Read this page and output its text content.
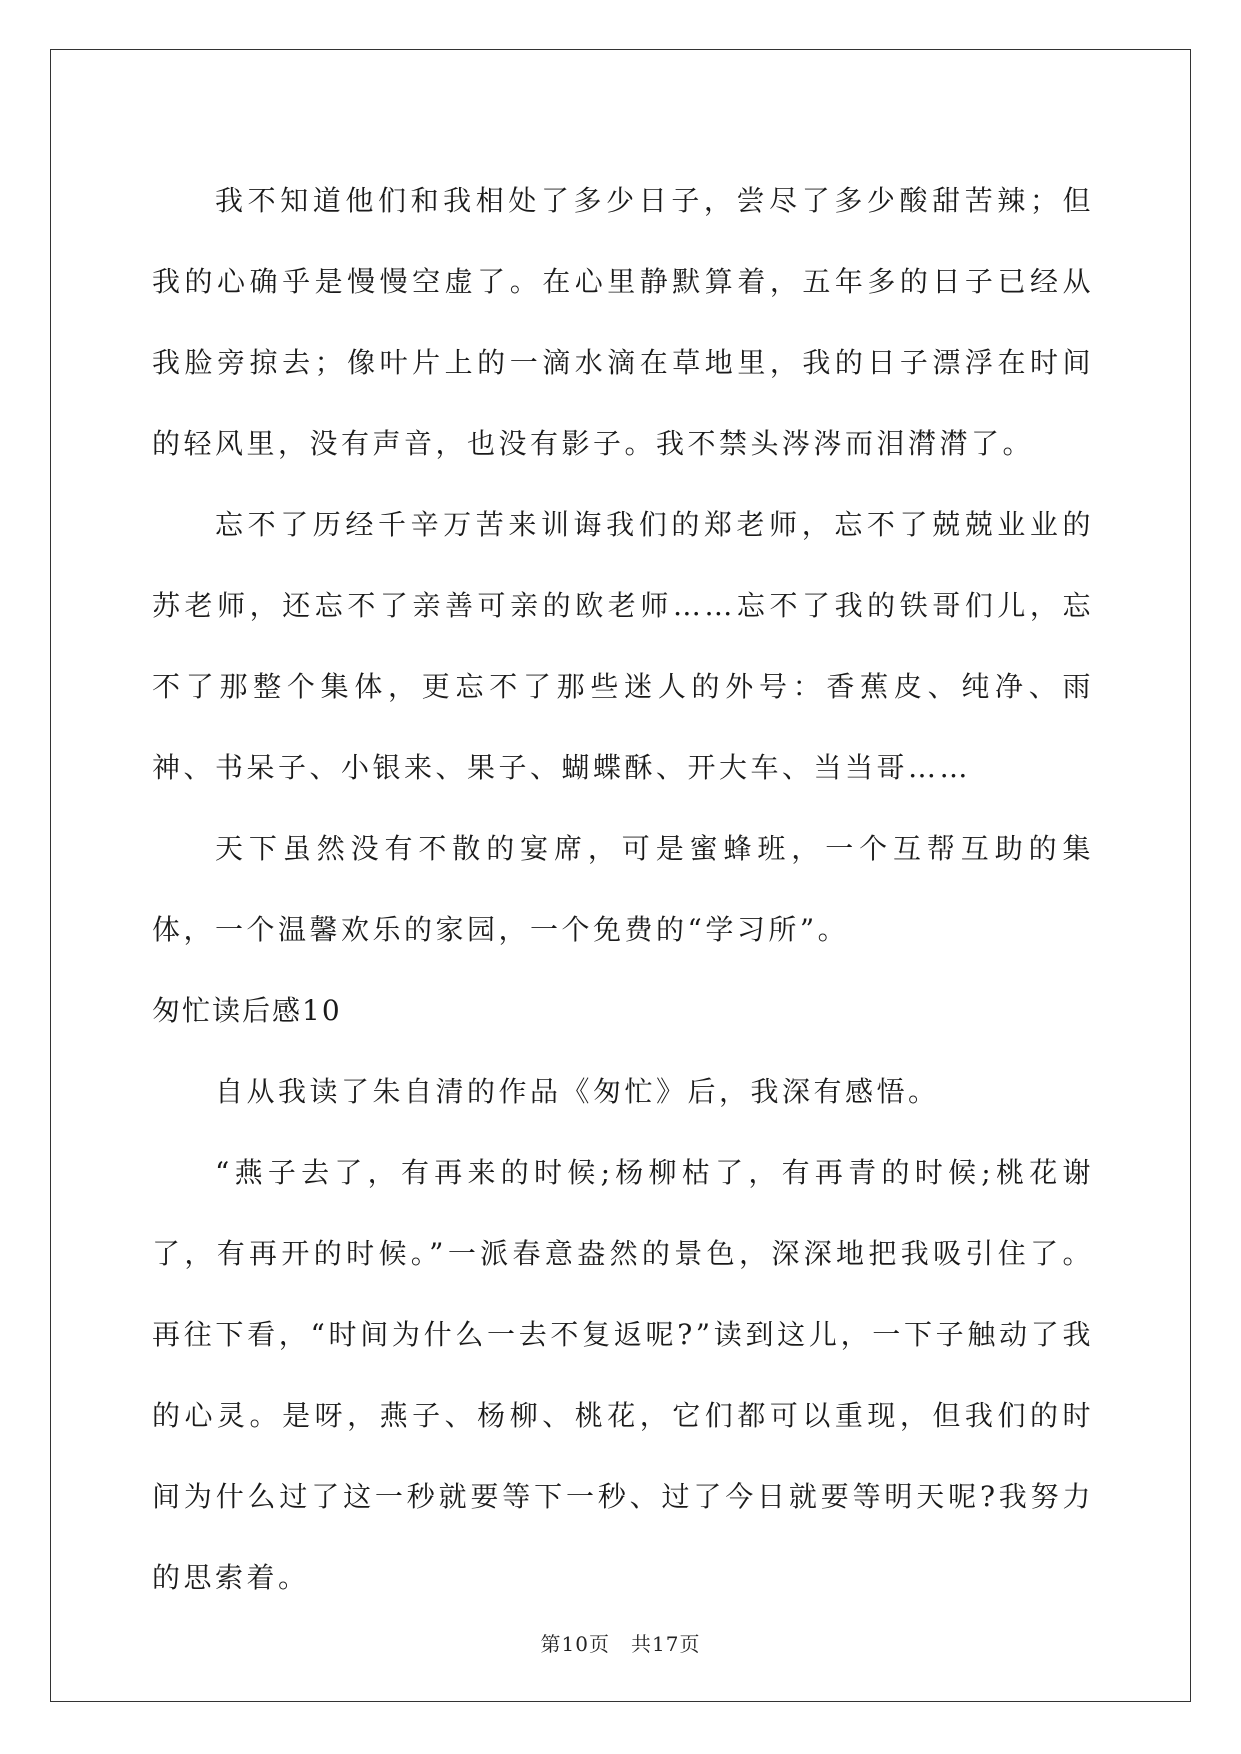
我不知道他们和我相处了多少日子，尝尽了多少酸甜苦辣；但我的心确乎是慢慢空虚了。在心里静默算着，五年多的日子已经从我脸旁掠去；像叶片上的一滴水滴在草地里，我的日子漂浮在时间的轻风里，没有声音，也没有影子。我不禁头涔涔而泪潸潸了。

忘不了历经千辛万苦来训诲我们的郑老师，忘不了兢兢业业的苏老师，还忘不了亲善可亲的欧老师……忘不了我的铁哥们儿，忘不了那整个集体，更忘不了那些迷人的外号：香蕉皮、纯净、雨神、书呆子、小银来、果子、蝴蝶酥、开大车、当当哥……

天下虽然没有不散的宴席，可是蜜蜂班，一个互帮互助的集体，一个温馨欢乐的家园，一个免费的“学习所”。

匆忙读后感10

自从我读了朱自清的作品《匆忙》后，我深有感悟。

“燕子去了，有再来的时候;杨柳枯了，有再青的时候;桃花谢了，有再开的时候。”一派春意盎然的景色，深深地把我吸引住了。再往下看，“时间为什么一去不复返呢?”读到这儿，一下子触动了我的心灵。是呀，燕子、杨柳、桃花，它们都可以重现，但我们的时间为什么过了这一秒就要等下一秒、过了今日就要等明天呢?我努力的思索着。

第10页　共17页
